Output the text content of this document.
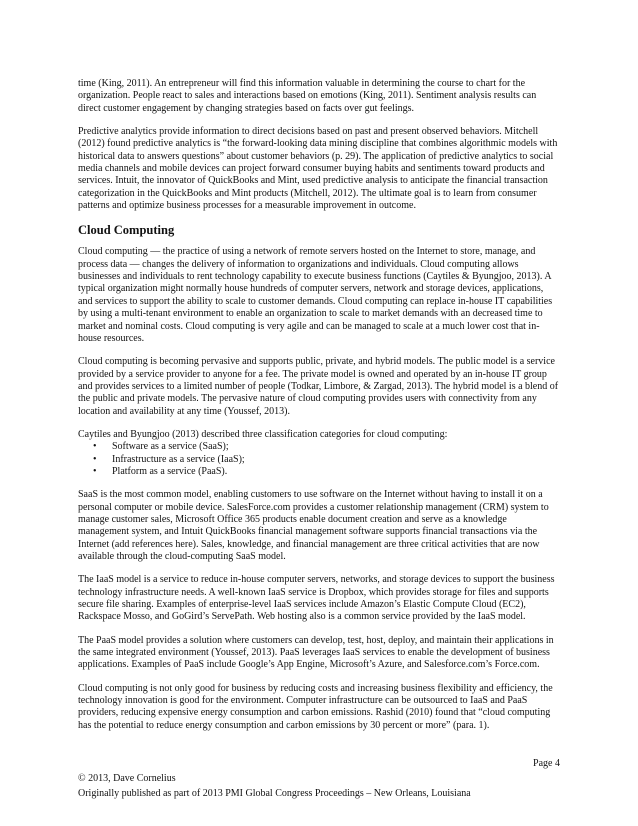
time (King, 2011). An entrepreneur will find this information valuable in determining the course to chart for the organization. People react to sales and interactions based on emotions (King, 2011). Sentiment analysis results can direct customer engagement by changing strategies based on facts over gut feelings.

Predictive analytics provide information to direct decisions based on past and present observed behaviors. Mitchell (2012) found predictive analytics is “the forward-looking data mining discipline that combines algorithmic models with historical data to answers questions” about customer behaviors (p. 29). The application of predictive analytics to social media channels and mobile devices can project forward consumer buying habits and sentiments toward products and services. Intuit, the innovator of QuickBooks and Mint, used predictive analysis to anticipate the financial transaction categorization in the QuickBooks and Mint products (Mitchell, 2012). The ultimate goal is to learn from consumer patterns and optimize business processes for a measurable improvement in outcome.

Cloud Computing

Cloud computing — the practice of using a network of remote servers hosted on the Internet to store, manage, and process data — changes the delivery of information to organizations and individuals. Cloud computing allows businesses and individuals to rent technology capability to execute business functions (Caytiles & Byungjoo, 2013). A typical organization might normally house hundreds of computer servers, network and storage devices, applications, and services to support the ability to scale to customer demands. Cloud computing can replace in-house IT capabilities by using a multi-tenant environment to enable an organization to scale to market demands with an decreased time to market and nominal costs. Cloud computing is very agile and can be managed to scale at a much lower cost that in-house resources.

Cloud computing is becoming pervasive and supports public, private, and hybrid models. The public model is a service provided by a service provider to anyone for a fee. The private model is owned and operated by an in-house IT group and provides services to a limited number of people (Todkar, Limbore, & Zargad, 2013). The hybrid model is a blend of the public and private models. The pervasive nature of cloud computing provides users with connectivity from any location and availability at any time (Youssef, 2013).

Caytiles and Byungjoo (2013) described three classification categories for cloud computing:

• Software as a service (SaaS);
• Infrastructure as a service (IaaS);
• Platform as a service (PaaS).

SaaS is the most common model, enabling customers to use software on the Internet without having to install it on a personal computer or mobile device. SalesForce.com provides a customer relationship management (CRM) system to manage customer sales, Microsoft Office 365 products enable document creation and serve as a knowledge management system, and Intuit QuickBooks financial management software supports financial transactions via the Internet (add references here). Sales, knowledge, and financial management are three critical activities that are now available through the cloud-computing SaaS model.

The IaaS model is a service to reduce in-house computer servers, networks, and storage devices to support the business technology infrastructure needs. A well-known IaaS service is Dropbox, which provides storage for files and supports secure file sharing. Examples of enterprise-level IaaS services include Amazon’s Elastic Compute Cloud (EC2), Rackspace Mosso, and GoGird’s ServePath. Web hosting also is a common service provided by the IaaS model.

The PaaS model provides a solution where customers can develop, test, host, deploy, and maintain their applications in the same integrated environment (Youssef, 2013). PaaS leverages IaaS services to enable the development of business applications. Examples of PaaS include Google’s App Engine, Microsoft’s Azure, and Salesforce.com’s Force.com.

Cloud computing is not only good for business by reducing costs and increasing business flexibility and efficiency, the technology innovation is good for the environment. Computer infrastructure can be outsourced to IaaS and PaaS providers, reducing expensive energy consumption and carbon emissions. Rashid (2010) found that “cloud computing has the potential to reduce energy consumption and carbon emissions by 30 percent or more” (para. 1).

Page 4
© 2013, Dave Cornelius
Originally published as part of 2013 PMI Global Congress Proceedings – New Orleans, Louisiana
